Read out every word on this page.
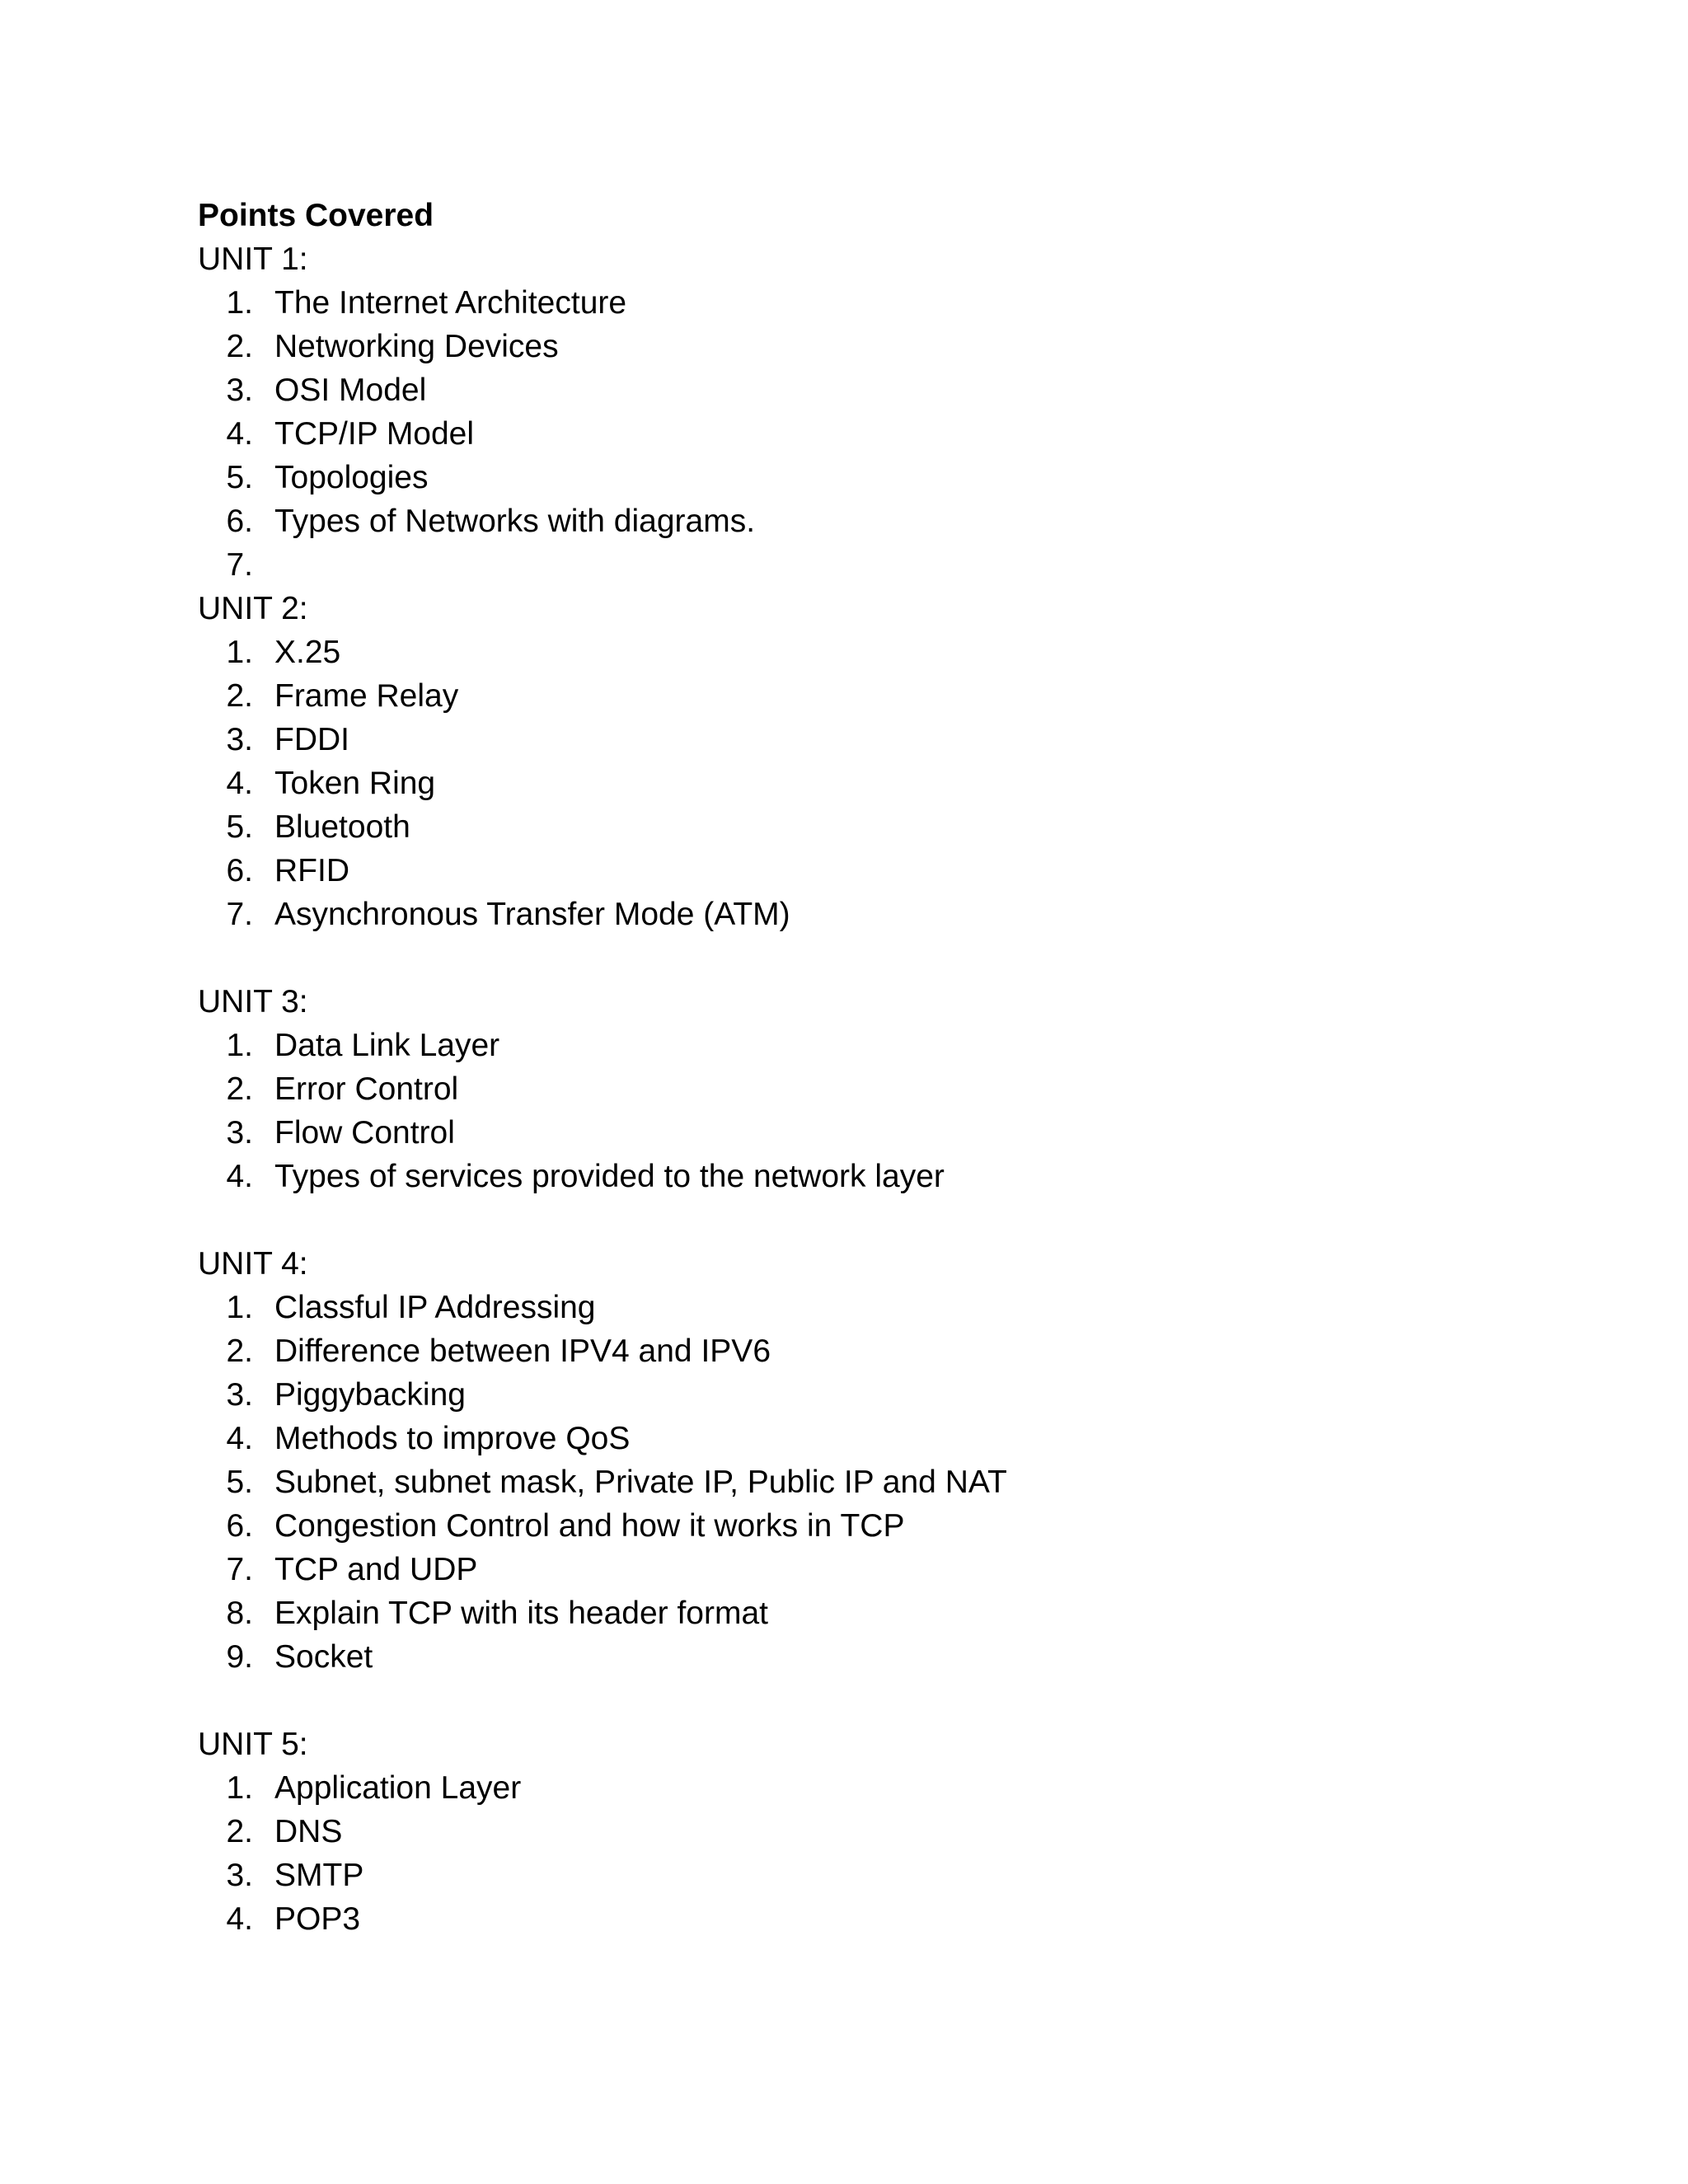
Points Covered
UNIT 1:
1. The Internet Architecture
2. Networking Devices
3. OSI Model
4. TCP/IP Model
5. Topologies
6. Types of Networks with diagrams.
7.
UNIT 2:
1. X.25
2. Frame Relay
3. FDDI
4. Token Ring
5. Bluetooth
6. RFID
7. Asynchronous Transfer Mode (ATM)
UNIT 3:
1. Data Link Layer
2. Error Control
3. Flow Control
4. Types of services provided to the network layer
UNIT 4:
1. Classful IP Addressing
2. Difference between IPV4 and IPV6
3. Piggybacking
4. Methods to improve QoS
5. Subnet, subnet mask, Private IP, Public IP and NAT
6. Congestion Control and how it works in TCP
7. TCP and UDP
8. Explain TCP with its header format
9. Socket
UNIT 5:
1. Application Layer
2. DNS
3. SMTP
4. POP3
